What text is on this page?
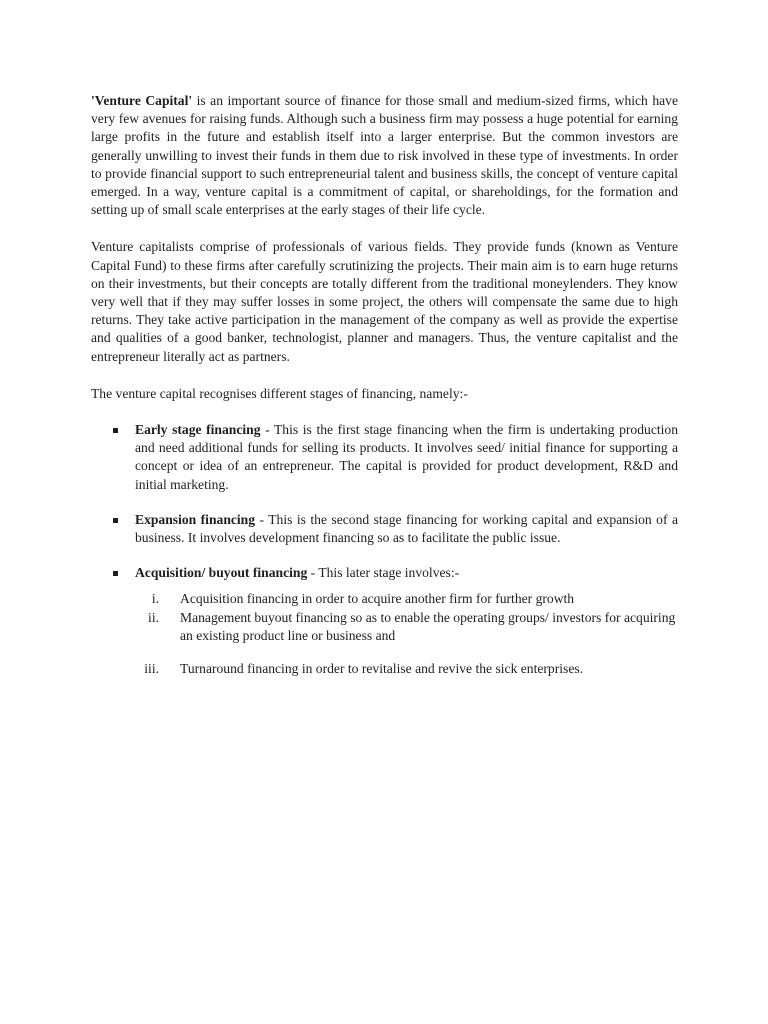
'Venture Capital' is an important source of finance for those small and medium-sized firms, which have very few avenues for raising funds. Although such a business firm may possess a huge potential for earning large profits in the future and establish itself into a larger enterprise. But the common investors are generally unwilling to invest their funds in them due to risk involved in these type of investments. In order to provide financial support to such entrepreneurial talent and business skills, the concept of venture capital emerged. In a way, venture capital is a commitment of capital, or shareholdings, for the formation and setting up of small scale enterprises at the early stages of their life cycle.

Venture capitalists comprise of professionals of various fields. They provide funds (known as Venture Capital Fund) to these firms after carefully scrutinizing the projects. Their main aim is to earn huge returns on their investments, but their concepts are totally different from the traditional moneylenders. They know very well that if they may suffer losses in some project, the others will compensate the same due to high returns. They take active participation in the management of the company as well as provide the expertise and qualities of a good banker, technologist, planner and managers. Thus, the venture capitalist and the entrepreneur literally act as partners.

The venture capital recognises different stages of financing, namely:-

Early stage financing - This is the first stage financing when the firm is undertaking production and need additional funds for selling its products. It involves seed/ initial finance for supporting a concept or idea of an entrepreneur. The capital is provided for product development, R&D and initial marketing.
Expansion financing - This is the second stage financing for working capital and expansion of a business. It involves development financing so as to facilitate the public issue.
Acquisition/ buyout financing - This later stage involves:-
i. Acquisition financing in order to acquire another firm for further growth
ii. Management buyout financing so as to enable the operating groups/ investors for acquiring an existing product line or business and
iii. Turnaround financing in order to revitalise and revive the sick enterprises.
